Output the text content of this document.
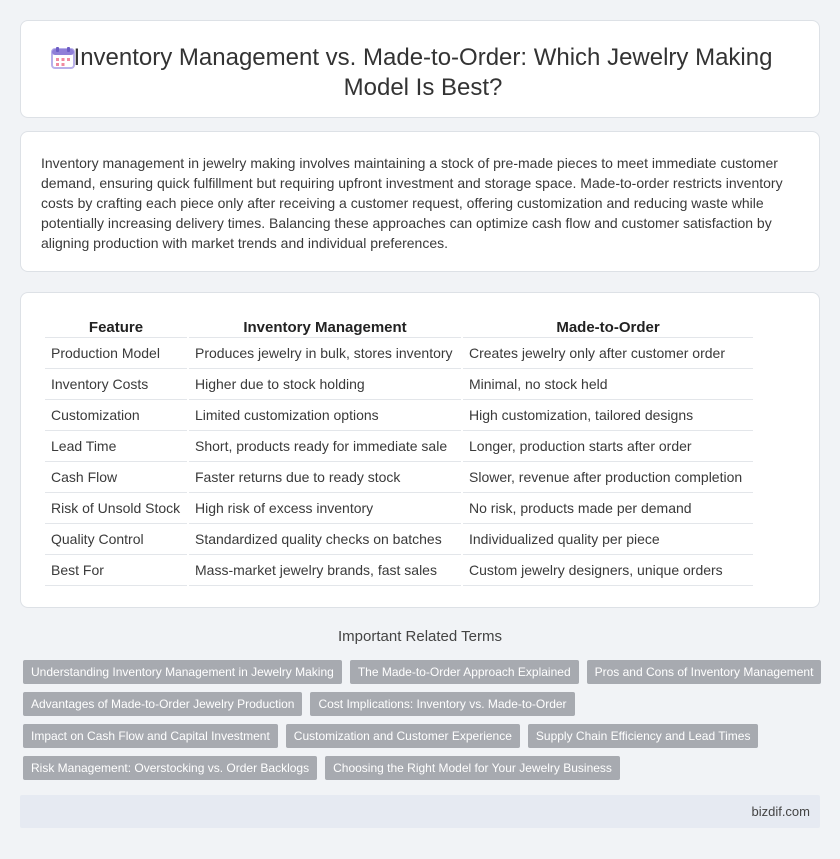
Inventory Management vs. Made-to-Order: Which Jewelry Making Model Is Best?

Inventory management in jewelry making involves maintaining a stock of pre-made pieces to meet immediate customer demand, ensuring quick fulfillment but requiring upfront investment and storage space. Made-to-order restricts inventory costs by crafting each piece only after receiving a customer request, offering customization and reducing waste while potentially increasing delivery times. Balancing these approaches can optimize cash flow and customer satisfaction by aligning production with market trends and individual preferences.

Feature	Inventory Management	Made-to-Order
Production Model	Produces jewelry in bulk, stores inventory	Creates jewelry only after customer order
Inventory Costs	Higher due to stock holding	Minimal, no stock held
Customization	Limited customization options	High customization, tailored designs
Lead Time	Short, products ready for immediate sale	Longer, production starts after order
Cash Flow	Faster returns due to ready stock	Slower, revenue after production completion
Risk of Unsold Stock	High risk of excess inventory	No risk, products made per demand
Quality Control	Standardized quality checks on batches	Individualized quality per piece
Best For	Mass-market jewelry brands, fast sales	Custom jewelry designers, unique orders
Important Related Terms
Understanding Inventory Management in Jewelry Making	The Made-to-Order Approach Explained	Pros and Cons of Inventory Management
Advantages of Made-to-Order Jewelry Production	Cost Implications: Inventory vs. Made-to-Order
Impact on Cash Flow and Capital Investment	Customization and Customer Experience	Supply Chain Efficiency and Lead Times
Risk Management: Overstocking vs. Order Backlogs	Choosing the Right Model for Your Jewelry Business
bizdif.com
